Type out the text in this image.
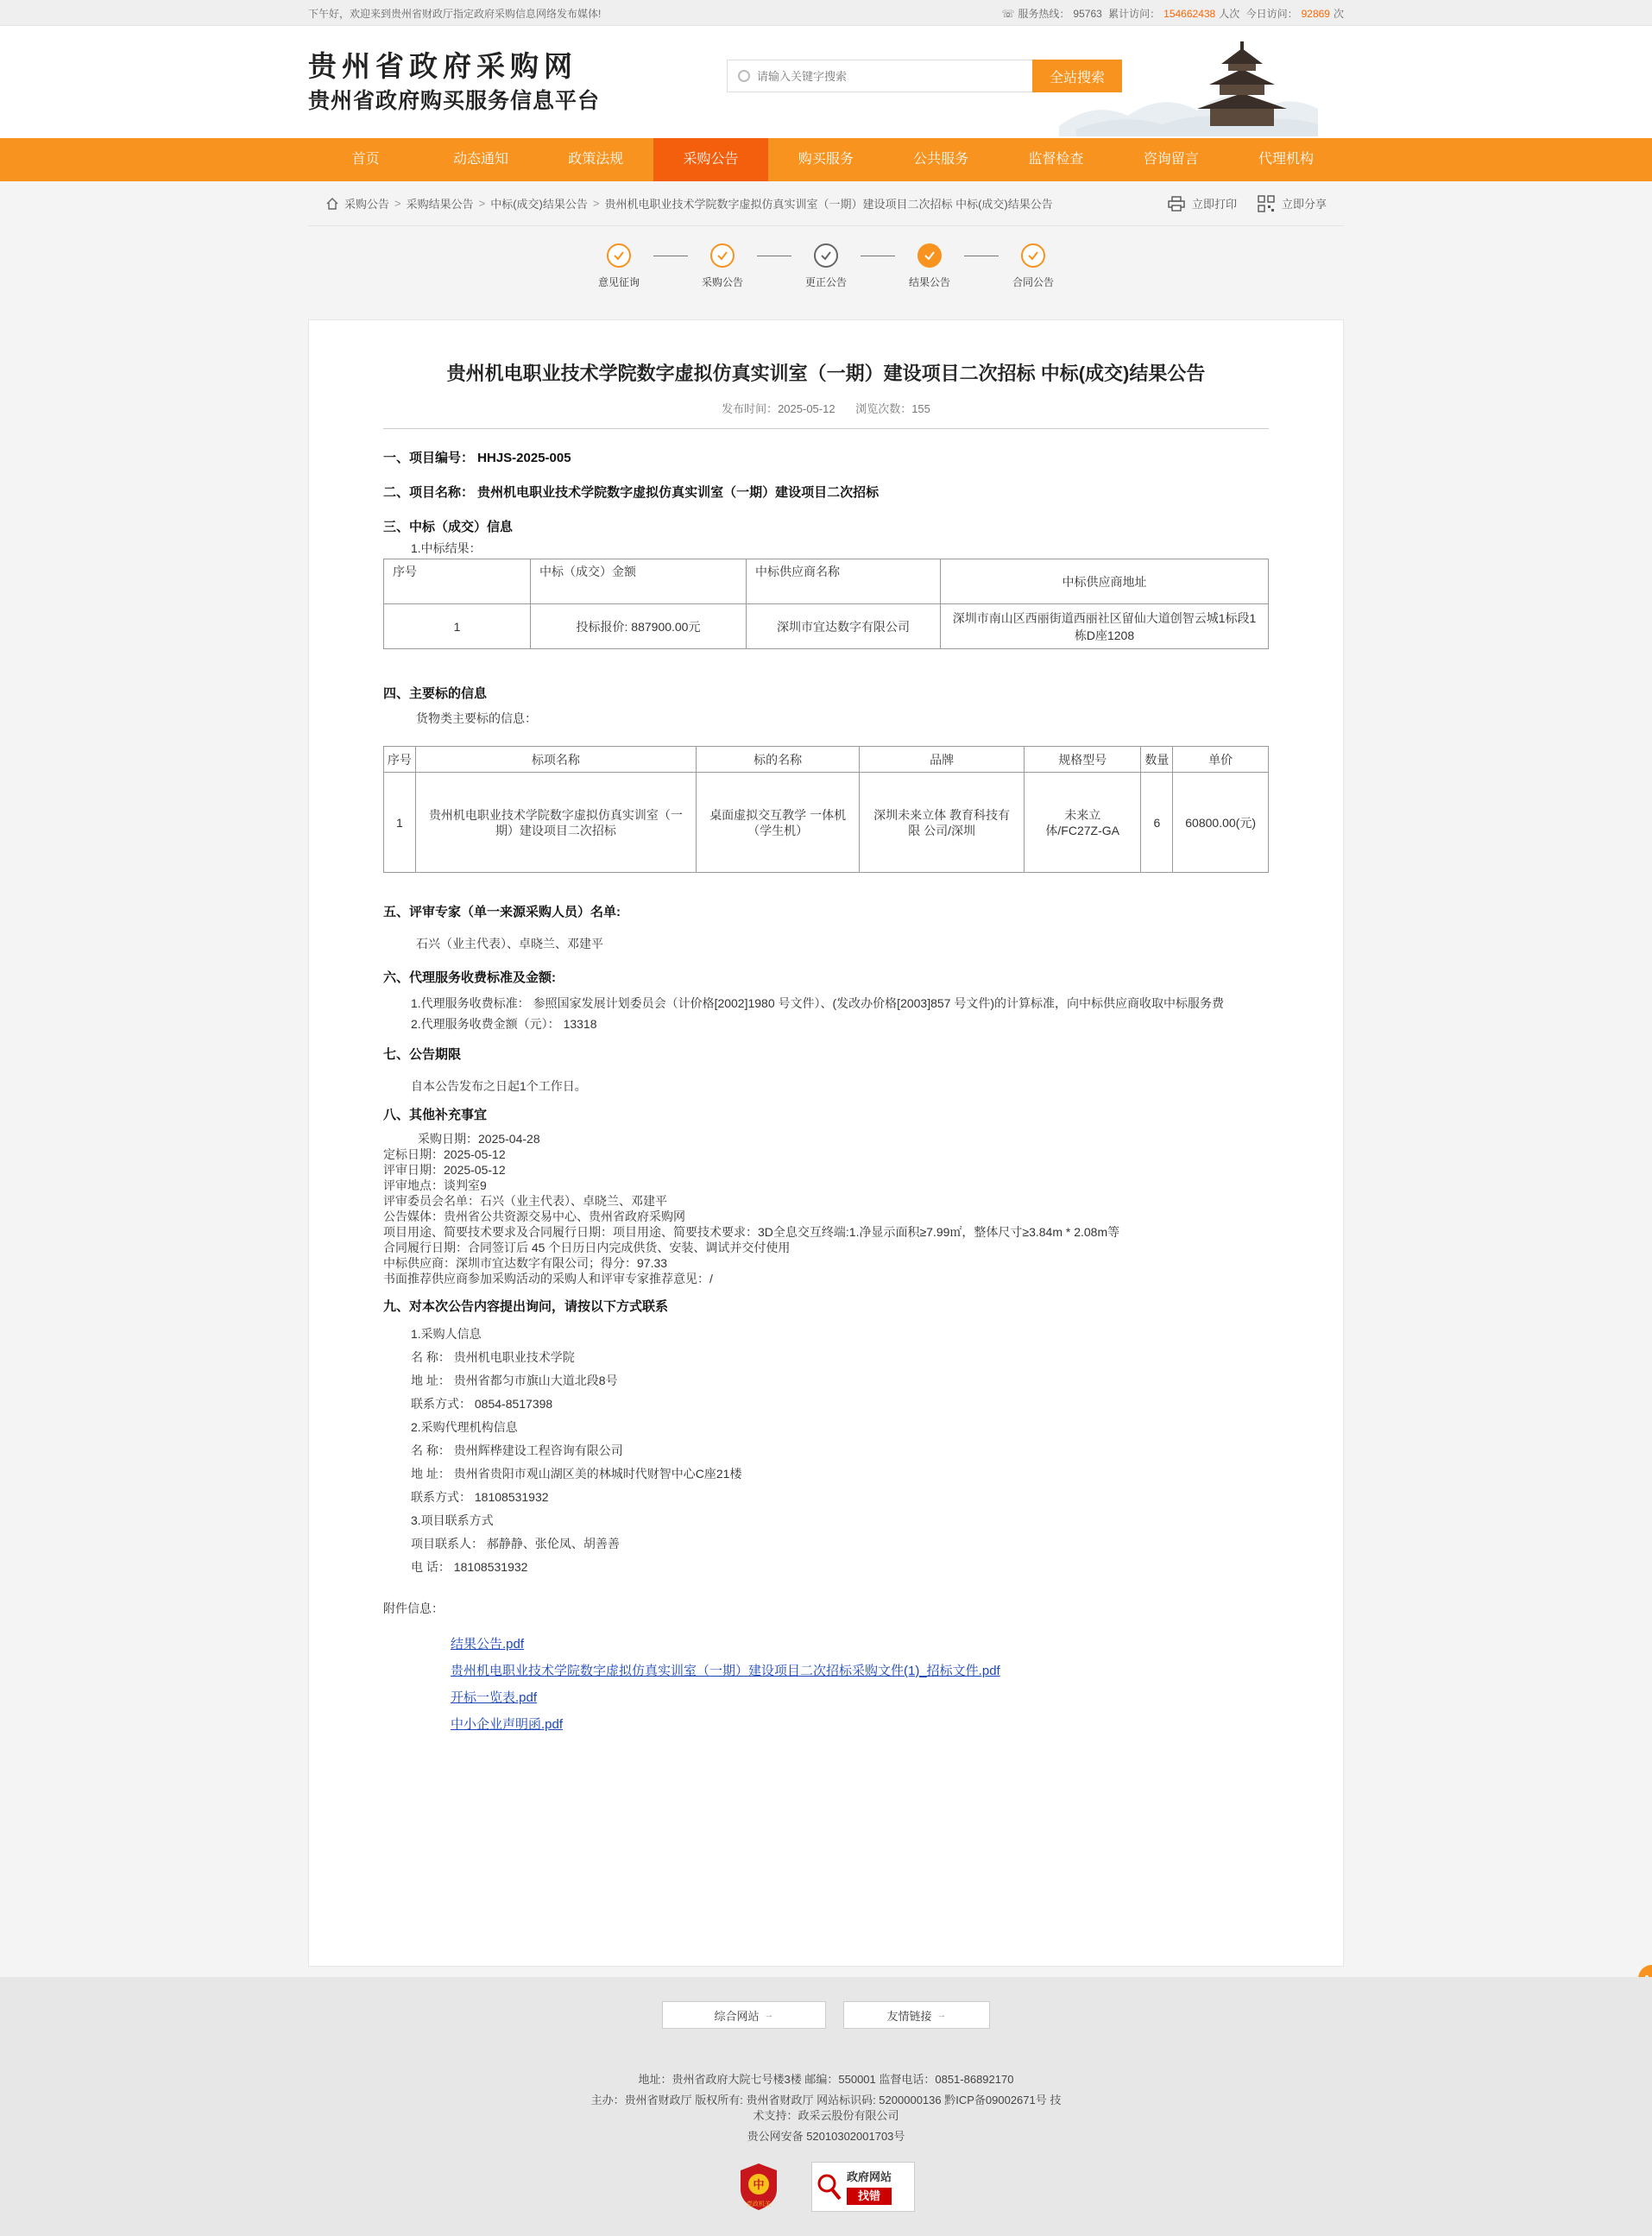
下午好，欢迎来到贵州省财政厅指定政府采购信息网络发布媒体!	☏ 服务热线： 95763 累计访问： 154662438 人次 今日访问： 92869 次
贵州省政府采购网
贵州省政府购买服务信息平台
请输入关键字搜索
全站搜索
首页	动态通知	政策法规	采购公告	购买服务	公共服务	监督检查	咨询留言	代理机构
采购公告 > 采购结果公告 > 中标(成交)结果公告 > 贵州机电职业技术学院数字虚拟仿真实训室（一期）建设项目二次招标 中标(成交)结果公告	立即打印	立即分享
意见征询	采购公告	更正公告	结果公告	合同公告
贵州机电职业技术学院数字虚拟仿真实训室（一期）建设项目二次招标 中标(成交)结果公告
发布时间：2025-05-12 浏览次数：155
一、项目编号： HHJS-2025-005
二、项目名称： 贵州机电职业技术学院数字虚拟仿真实训室（一期）建设项目二次招标
三、中标（成交）信息
1.中标结果：
序号	中标（成交）金额	中标供应商名称	中标供应商地址
1	投标报价: 887900.00元	深圳市宜达数字有限公司	深圳市南山区西丽街道西丽社区留仙大道创智云城1标段1栋D座1208
四、主要标的信息
货物类主要标的信息：
序号	标项名称	标的名称	品牌	规格型号	数量	单价
1	贵州机电职业技术学院数字虚拟仿真实训室（一期）建设项目二次招标	桌面虚拟交互教学 一体机（学生机）	深圳未来立体 教育科技有限 公司/深圳	未来立体/FC27Z-GA	6	60800.00(元)
五、评审专家（单一来源采购人员）名单:
石兴（业主代表）、卓晓兰、邓建平
六、代理服务收费标准及金额:
1.代理服务收费标准： 参照国家发展计划委员会（计价格[2002]1980 号文件）、(发改办价格[2003]857 号文件)的计算标准，向中标供应商收取中标服务费
2.代理服务收费金额（元）： 13318
七、公告期限
自本公告发布之日起1个工作日。
八、其他补充事宜
采购日期：2025-04-28
定标日期：2025-05-12
评审日期：2025-05-12
评审地点：谈判室9
评审委员会名单：石兴（业主代表）、卓晓兰、邓建平
公告媒体：贵州省公共资源交易中心、贵州省政府采购网
项目用途、简要技术要求及合同履行日期：项目用途、简要技术要求：3D全息交互终端:1.净显示面积≥7.99㎡，整体尺寸≥3.84m * 2.08m等
合同履行日期：合同签订后 45 个日历日内完成供货、安装、调试并交付使用
中标供应商：深圳市宜达数字有限公司；得分：97.33
书面推荐供应商参加采购活动的采购人和评审专家推荐意见：/
九、对本次公告内容提出询问，请按以下方式联系
1.采购人信息
名 称： 贵州机电职业技术学院
地 址： 贵州省都匀市旗山大道北段8号
联系方式： 0854-8517398
2.采购代理机构信息
名 称： 贵州辉桦建设工程咨询有限公司
地 址： 贵州省贵阳市观山湖区美的林城时代财智中心C座21楼
联系方式： 18108531932
3.项目联系方式
项目联系人： 郝静静、张伦凤、胡善善
电 话： 18108531932
附件信息：
结果公告.pdf
贵州机电职业技术学院数字虚拟仿真实训室（一期）建设项目二次招标采购文件(1)_招标文件.pdf
开标一览表.pdf
中小企业声明函.pdf
综合网站 →	友情链接 →
地址：贵州省政府大院七号楼3楼 邮编：550001 监督电话：0851-86892170
主办：贵州省财政厅 版权所有: 贵州省财政厅 网站标识码: 5200000136 黔ICP备09002671号 技
术支持：政采云股份有限公司
贵公网安备 52010302001703号
中
党政机关
政府网站
找错
